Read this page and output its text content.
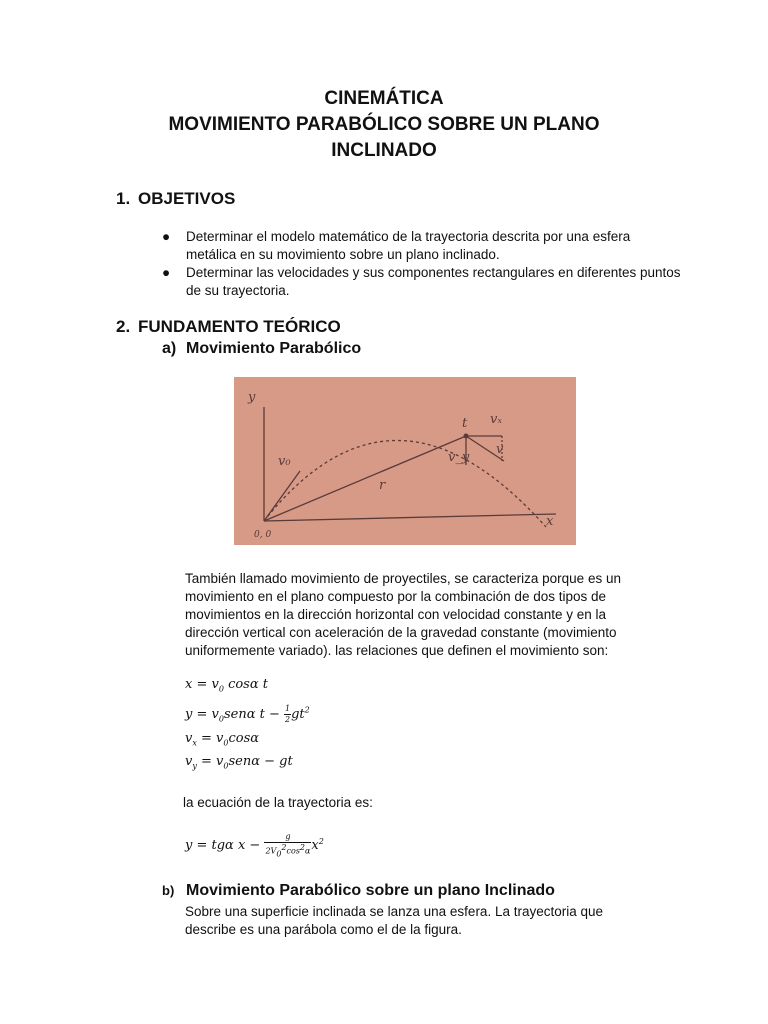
CINEMÁTICA
MOVIMIENTO PARABÓLICO SOBRE UN PLANO
INCLINADO
1. OBJETIVOS
● Determinar el modelo matemático de la trayectoria descrita por una esfera metálica en su movimiento sobre un plano inclinado.
● Determinar las velocidades y sus componentes rectangulares en diferentes puntos de su trayectoria.
2. FUNDAMENTO TEÓRICO
a) Movimiento Parabólico
y
v₀
r
t vₓ
v_y
v
x
0, 0
También llamado movimiento de proyectiles, se caracteriza porque es un movimiento en el plano compuesto por la combinación de dos tipos de movimientos en la dirección horizontal con velocidad constante y en la dirección vertical con aceleración de la gravedad constante (movimiento uniformemente variado). las relaciones que definen el movimiento son:
$x = v_0$ cosα t
$y = v_0sen\alpha$ $t - \frac{1}{2} gt^2$
$v_x = v_0\cos\alpha$
$v_y = v_0sen\alpha$ − gt
la ecuación de la trayectoria es:
y = tgα $x - \frac{g}{2V_0^2\cos^2\alpha} x^2$
b) Movimiento Parabólico sobre un plano Inclinado
Sobre una superficie inclinada se lanza una esfera. La trayectoria que describe es una parábola como el de la figura.
